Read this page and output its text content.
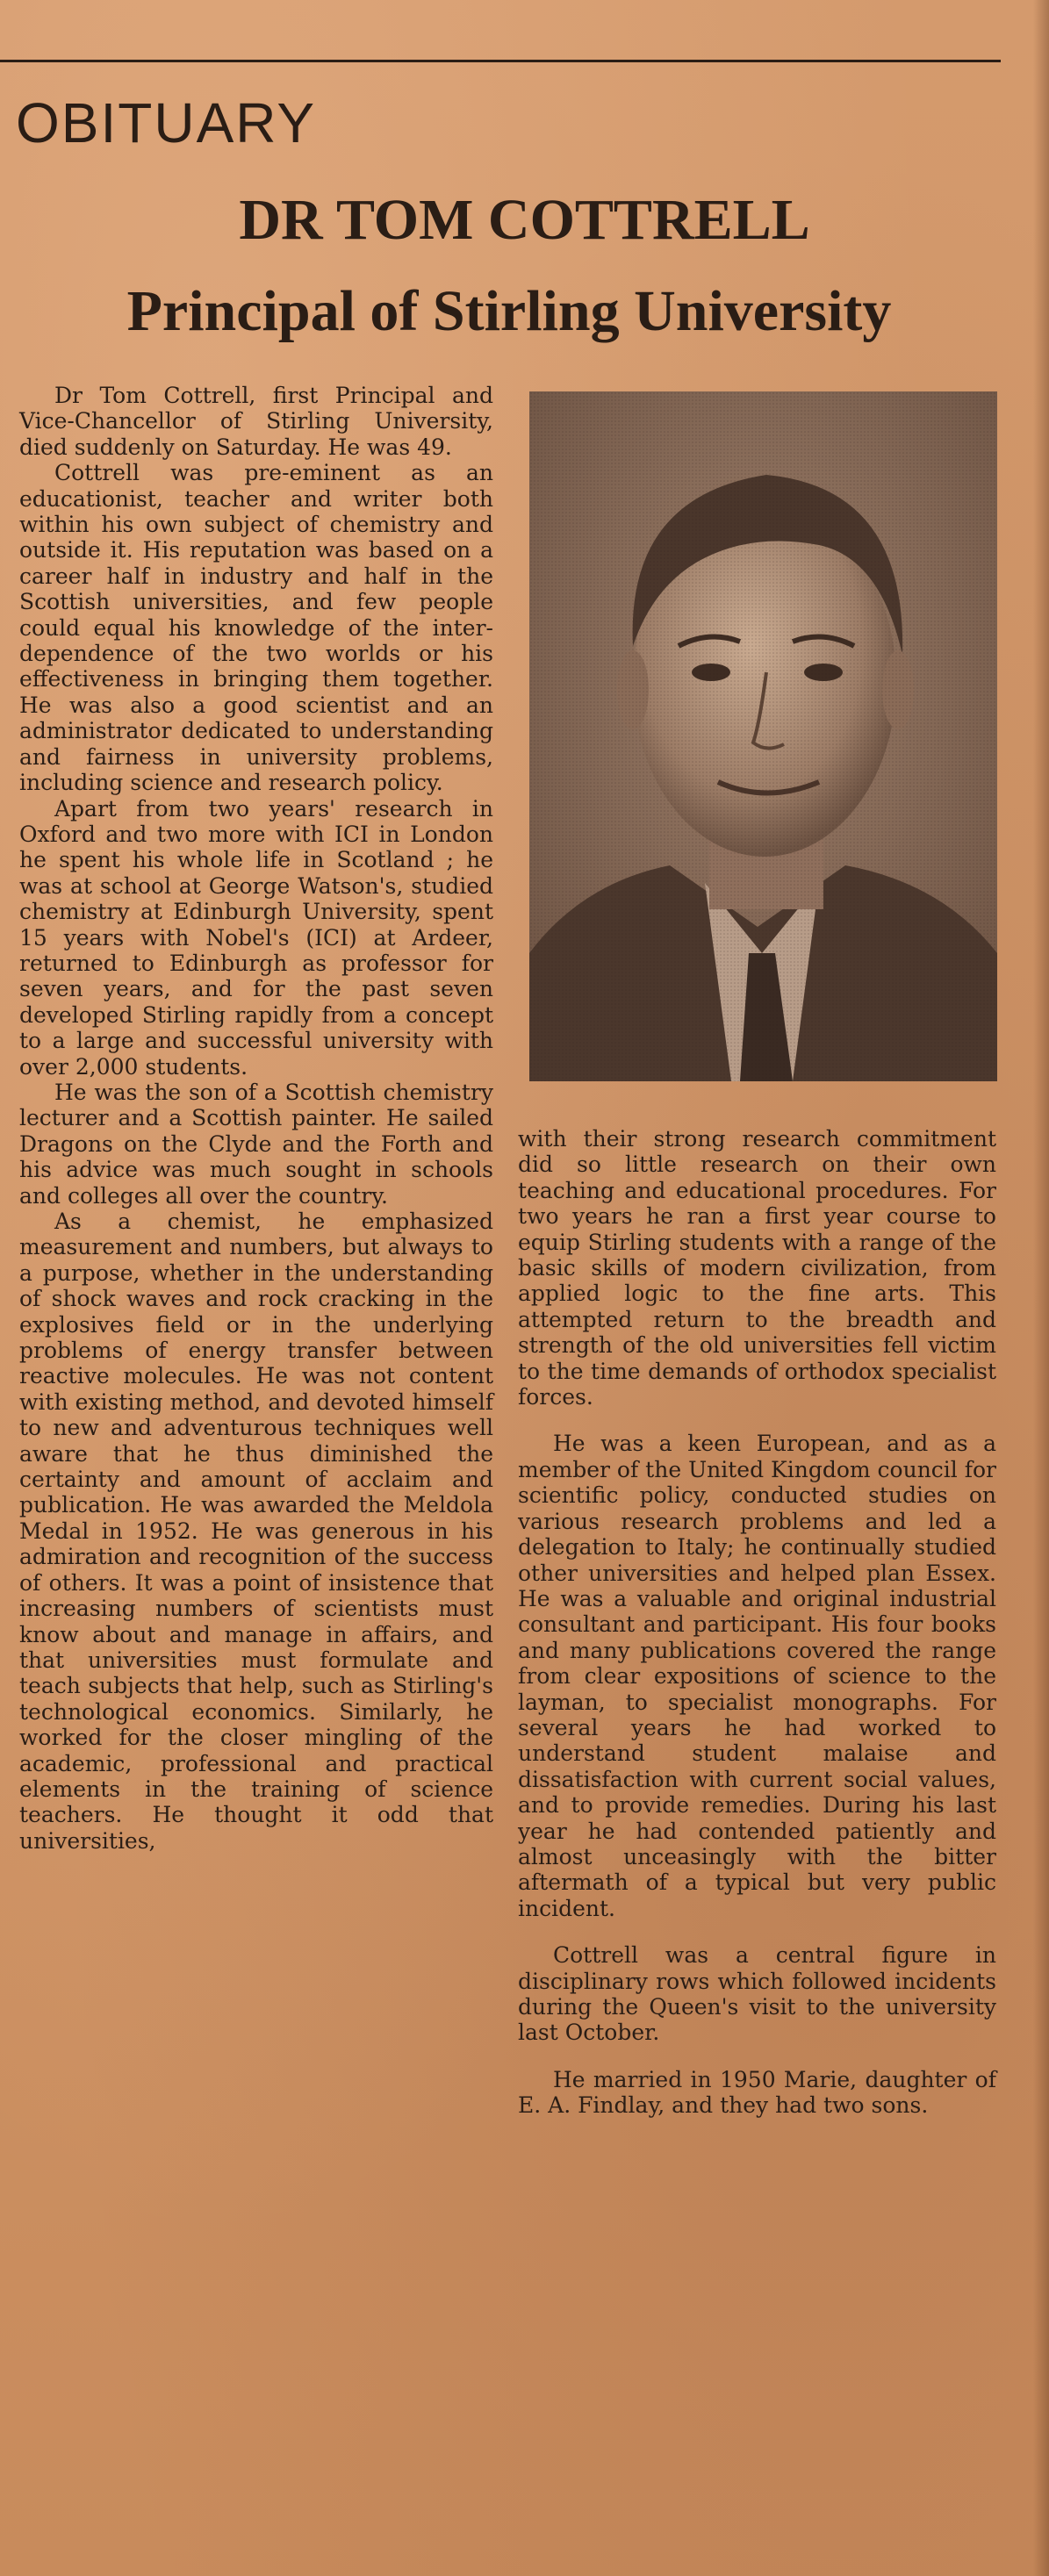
OBITUARY
DR TOM COTTRELL
Principal of Stirling University

Dr Tom Cottrell, first Principal and Vice-Chancellor of Stirling University, died suddenly on Saturday. He was 49.

Cottrell was pre-eminent as an educationist, teacher and writer both within his own subject of chemistry and outside it. His reputation was based on a career half in industry and half in the Scottish universities, and few people could equal his knowledge of the inter-dependence of the two worlds or his effectiveness in bringing them together. He was also a good scientist and an administrator dedicated to understanding and fairness in university problems, including science and research policy.

Apart from two years' research in Oxford and two more with ICI in London he spent his whole life in Scotland ; he was at school at George Watson's, studied chemistry at Edinburgh University, spent 15 years with Nobel's (ICI) at Ardeer, returned to Edinburgh as professor for seven years, and for the past seven developed Stirling rapidly from a concept to a large and successful university with over 2,000 students.

He was the son of a Scottish chemistry lecturer and a Scottish painter. He sailed Dragons on the Clyde and the Forth and his advice was much sought in schools and colleges all over the country.

As a chemist, he emphasized measurement and numbers, but always to a purpose, whether in the understanding of shock waves and rock cracking in the explosives field or in the underlying problems of energy transfer between reactive molecules. He was not content with existing method, and devoted himself to new and adventurous techniques well aware that he thus diminished the certainty and amount of acclaim and publication. He was awarded the Meldola Medal in 1952. He was generous in his admiration and recognition of the success of others. It was a point of insistence that increasing numbers of scientists must know about and manage in affairs, and that universities must formulate and teach subjects that help, such as Stirling's technological economics. Similarly, he worked for the closer mingling of the academic, professional and practical elements in the training of science teachers. He thought it odd that universities,

with their strong research commitment did so little research on their own teaching and educational procedures. For two years he ran a first year course to equip Stirling students with a range of the basic skills of modern civilization, from applied logic to the fine arts. This attempted return to the breadth and strength of the old universities fell victim to the time demands of orthodox specialist forces.

He was a keen European, and as a member of the United Kingdom council for scientific policy, conducted studies on various research problems and led a delegation to Italy; he continually studied other universities and helped plan Essex. He was a valuable and original industrial consultant and participant. His four books and many publications covered the range from clear expositions of science to the layman, to specialist monographs. For several years he had worked to understand student malaise and dissatisfaction with current social values, and to provide remedies. During his last year he had contended patiently and almost unceasingly with the bitter aftermath of a typical but very public incident.

Cottrell was a central figure in disciplinary rows which followed incidents during the Queen's visit to the university last October.

He married in 1950 Marie, daughter of E. A. Findlay, and they had two sons.
